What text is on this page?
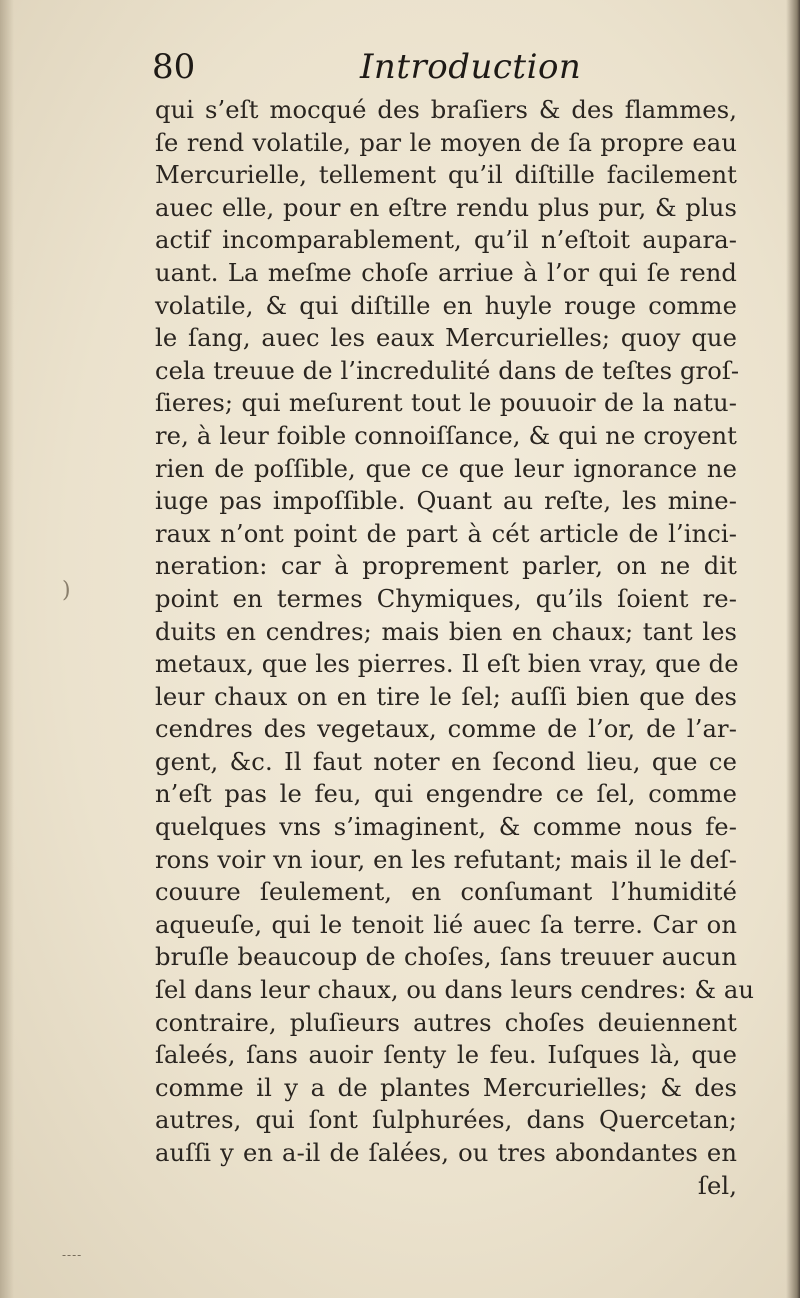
80	Introduction
qui s’eſt mocqué des braſiers & des flammes,
ſe rend volatile, par le moyen de ſa propre eau
Mercurielle, tellement qu’il diſtille facilement
auec elle, pour en eſtre rendu plus pur, & plus
actif incomparablement, qu’il n’eſtoit aupara-
uant. La meſme choſe arriue à l’or qui ſe rend
volatile, & qui diſtille en huyle rouge comme
le ſang, auec les eaux Mercurielles; quoy que
cela treuue de l’incredulité dans de teſtes groſ-
ſieres; qui meſurent tout le pouuoir de la natu-
re, à leur foible connoiſſance, & qui ne croyent
rien de poſſible, que ce que leur ignorance ne
iuge pas impoſſible. Quant au reſte, les mine-
raux n’ont point de part à cét article de l’inci-
neration: car à proprement parler, on ne dit
point en termes Chymiques, qu’ils ſoient re-
duits en cendres; mais bien en chaux; tant les
metaux, que les pierres. Il eſt bien vray, que de
leur chaux on en tire le ſel; auſſi bien que des
cendres des vegetaux, comme de l’or, de l’ar-
gent, &c. Il faut noter en ſecond lieu, que ce
n’eſt pas le feu, qui engendre ce ſel, comme
quelques vns s’imaginent, & comme nous fe-
rons voir vn iour, en les refutant; mais il le deſ-
couure ſeulement, en conſumant l’humidité
aqueuſe, qui le tenoit lié auec ſa terre. Car on
bruſle beaucoup de choſes, ſans treuuer aucun
ſel dans leur chaux, ou dans leurs cendres: & au
contraire, pluſieurs autres choſes deuiennent
ſaleés, ſans auoir ſenty le feu. Iuſques là, que
comme il y a de plantes Mercurielles; & des
autres, qui ſont ſulphurées, dans Quercetan;
auſſi y en a-il de ſalées, ou tres abondantes en
ſel,
)
‑‑‑‑
